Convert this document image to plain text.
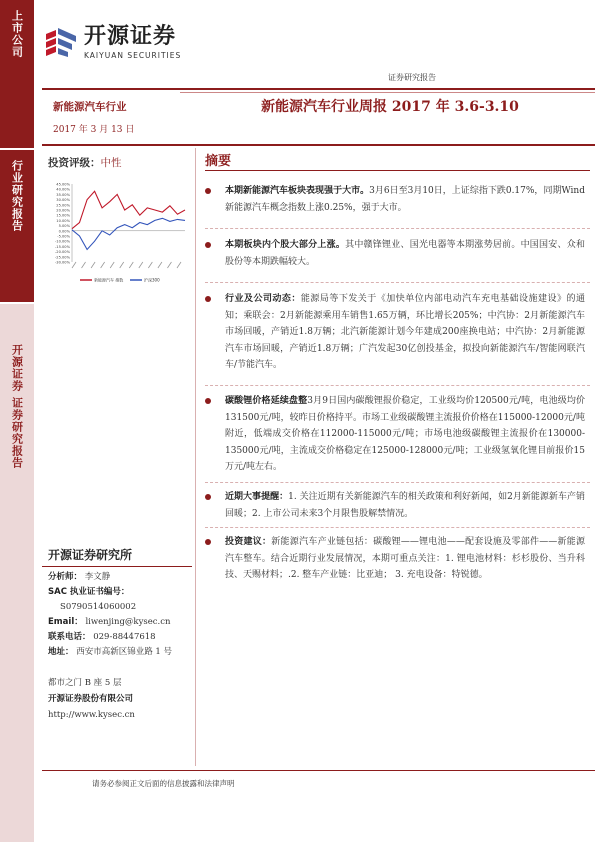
上市公司
行业研究报告
开源证券 证券研究报告
开源证券
KAIYUAN SECURITIES
证券研究报告
新能源汽车行业
2017 年 3 月 13 日
新能源汽车行业周报 2017 年 3.6-3.10
投资评级：中性
45.00%
40.00%
35.00%
30.00%
25.00%
20.00%
15.00%
10.00%
5.00%
0.00%
-5.00%
-10.00%
-15.00%
-20.00%
-25.00%
-30.00%
新能源汽车 指数	沪深300
摘要

本期新能源汽车板块表现强于大市。3月6日至3月10日，上证综指下跌0.17%，同期Wind新能源汽车概念指数上涨0.25%，强于大市。

本期板块内个股大部分上涨。其中赣锋锂业、国光电器等本期涨势居前。中国国安、众和股份等本期跌幅较大。

行业及公司动态：能源局等下发关于《加快单位内部电动汽车充电基础设施建设》的通知；乘联会：2月新能源乘用车销售1.65万辆，环比增长205%；中汽协：2月新能源汽车市场回暖，产销近1.8万辆；北汽新能源计划今年建成200座换电站；中汽协：2月新能源汽车市场回暖，产销近1.8万辆；广汽发起30亿创投基金，拟投向新能源汽车/智能网联汽车/节能汽车。

碳酸锂价格延续盘整3月9日国内碳酸锂报价稳定，工业级均价120500元/吨，电池级均价131500元/吨，较昨日价格持平。市场工业级碳酸锂主流报价价格在115000-12000元/吨附近，低端成交价格在112000-115000元/吨；市场电池级碳酸锂主流报价在130000-135000元/吨，主流成交价格稳定在125000-128000元/吨；工业级氢氧化锂目前报价15万元/吨左右。

近期大事提醒：1. 关注近期有关新能源汽车的相关政策和利好新闻，如2月新能源新车产销回暖；2. 上市公司未来3个月限售股解禁情况。

投资建议：新能源汽车产业链包括：碳酸锂——锂电池——配套设施及零部件——新能源汽车整车。结合近期行业发展情况，本期可重点关注：1. 锂电池材料：杉杉股份、当升科技、天赐材料；.2. 整车产业链：比亚迪； 3. 充电设备：特锐德。

开源证券研究所
分析师： 李文静
SAC 执业证书编号：
S0790514060002
Email： liwenjing@kysec.cn
联系电话： 029-88447618
地址： 西安市高新区锦业路 1 号
都市之门 B 座 5 层
开源证券股份有限公司
http://www.kysec.cn
请务必参阅正文后面的信息披露和法律声明
